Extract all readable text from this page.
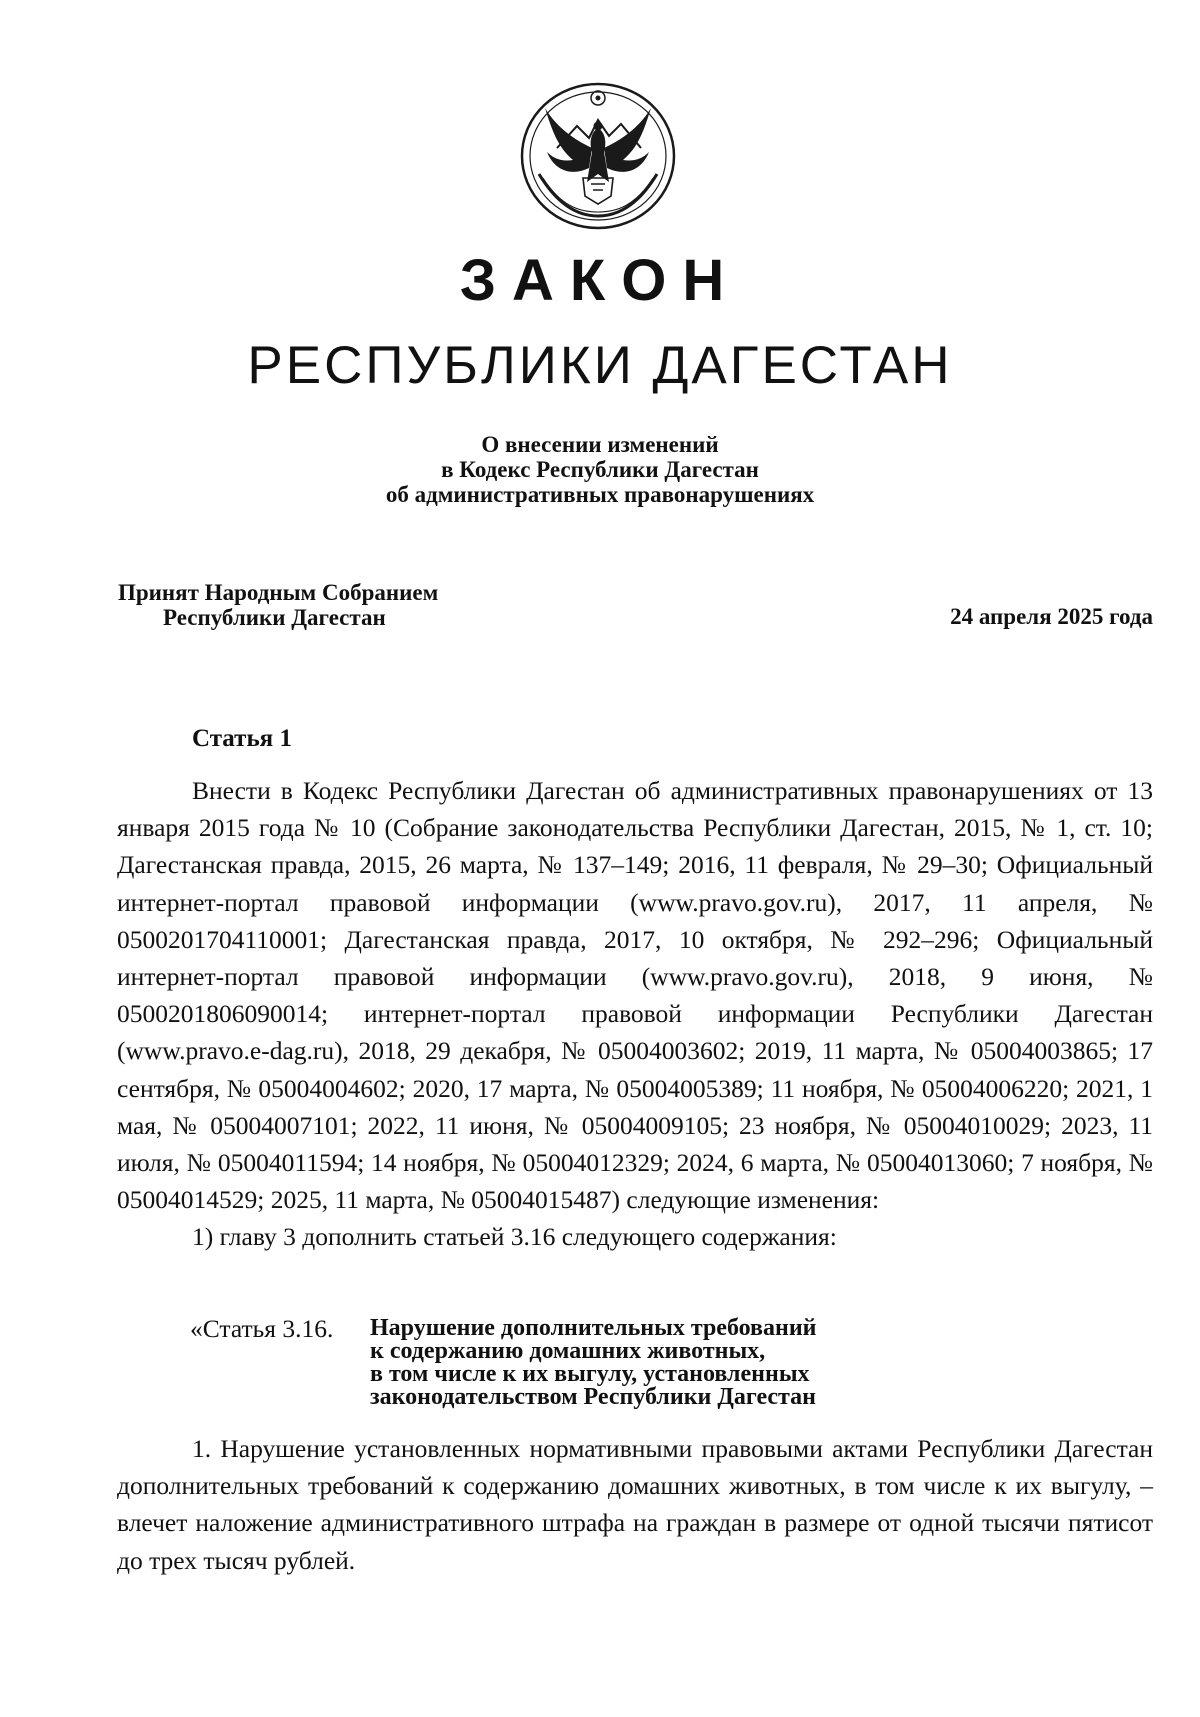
ЗАКОН
РЕСПУБЛИКИ ДАГЕСТАН
О внесении изменений
в Кодекс Республики Дагестан
об административных правонарушениях
Принят Народным Собранием
Республики Дагестан	24 апреля 2025 года
Статья 1

Внести в Кодекс Республики Дагестан об административных правонарушениях от 13 января 2015 года № 10 (Собрание законодательства Республики Дагестан, 2015, № 1, ст. 10; Дагестанская правда, 2015, 26 марта, № 137–149; 2016, 11 февраля, № 29–30; Официальный интернет-портал правовой информации (www.pravo.gov.ru), 2017, 11 апреля, № 0500201704110001; Дагестанская правда, 2017, 10 октября, № 292–296; Официальный интернет-портал правовой информации (www.pravo.gov.ru), 2018, 9 июня, № 0500201806090014; интернет-портал правовой информации Республики Дагестан (www.pravo.e-dag.ru), 2018, 29 декабря, № 05004003602; 2019, 11 марта, № 05004003865; 17 сентября, № 05004004602; 2020, 17 марта, № 05004005389; 11 ноября, № 05004006220; 2021, 1 мая, № 05004007101; 2022, 11 июня, № 05004009105; 23 ноября, № 05004010029; 2023, 11 июля, № 05004011594; 14 ноября, № 05004012329; 2024, 6 марта, № 05004013060; 7 ноября, № 05004014529; 2025, 11 марта, № 05004015487) следующие изменения:

1) главу 3 дополнить статьей 3.16 следующего содержания:

«Статья 3.16.	Нарушение дополнительных требований
к содержанию домашних животных,
в том числе к их выгулу, установленных
законодательством Республики Дагестан

1. Нарушение установленных нормативными правовыми актами Республики Дагестан дополнительных требований к содержанию домашних животных, в том числе к их выгулу, – влечет наложение административного штрафа на граждан в размере от одной тысячи пятисот до трех тысяч рублей.
